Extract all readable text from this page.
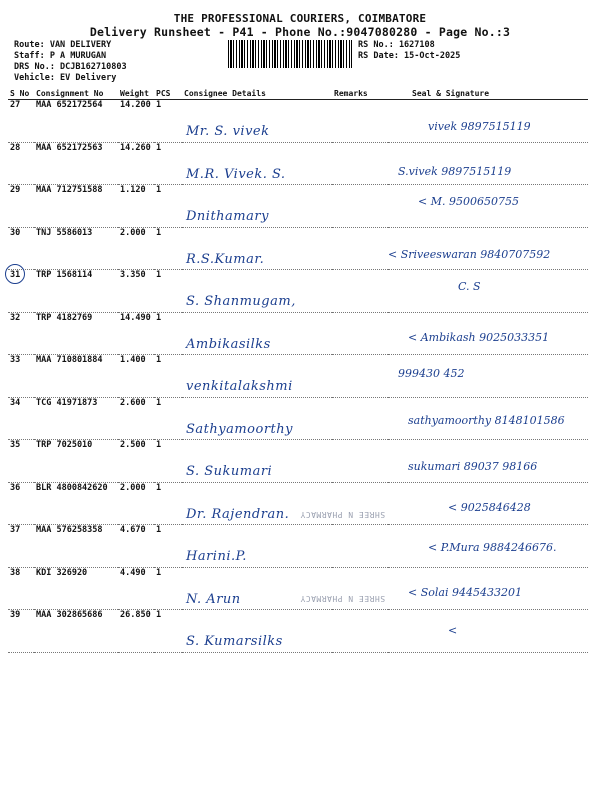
THE PROFESSIONAL COURIERS, COIMBATORE
Delivery Runsheet - P41 - Phone No.:9047080280 - Page No.:3
Route: VAN DELIVERY
Staff: P A MURUGAN
DRS No.: DCJB162710803
Vehicle: EV Delivery
RS No.: 1627108
RS Date: 15-Oct-2025
S No	Consignment No	Weight	PCS	Consignee Details	Remarks	Seal & Signature
27	MAA 652172564	14.200	1	Mr. S. vivek		vivek 9897515119

28	MAA 652172563	14.260	1	M.R. Vivek. S.		S.vivek 9897515119

29	MAA 712751588	1.120	1	Dnithamary		< M. 9500650755

30	TNJ 5586013	2.000	1	R.S.Kumar.		< Sriveeswaran 9840707592

31	TRP 1568114	3.350	1	S. Shanmugam,		C. S

32	TRP 4182769	14.490	1	Ambikasilks		< Ambikash 9025033351

33	MAA 710801884	1.400	1	venkitalakshmi		999430 452

34	TCG 41971873	2.600	1	Sathyamoorthy		sathyamoorthy 8148101586

35	TRP 7025010	2.500	1	S. Sukumari		sukumari 89037 98166

36	BLR 4800842620	2.000	1	Dr. Rajendran.		< 9025846428

37	MAA 576258358	4.670	1	Harini.P.		< P.Mura 9884246676.

38	KDI 326920	4.490	1	N. Arun		< Solai 9445433201

39	MAA 302865686	26.850	1	S. Kumarsilks		<
SHREE N PHARMACY
SHREE N PHARMACY
